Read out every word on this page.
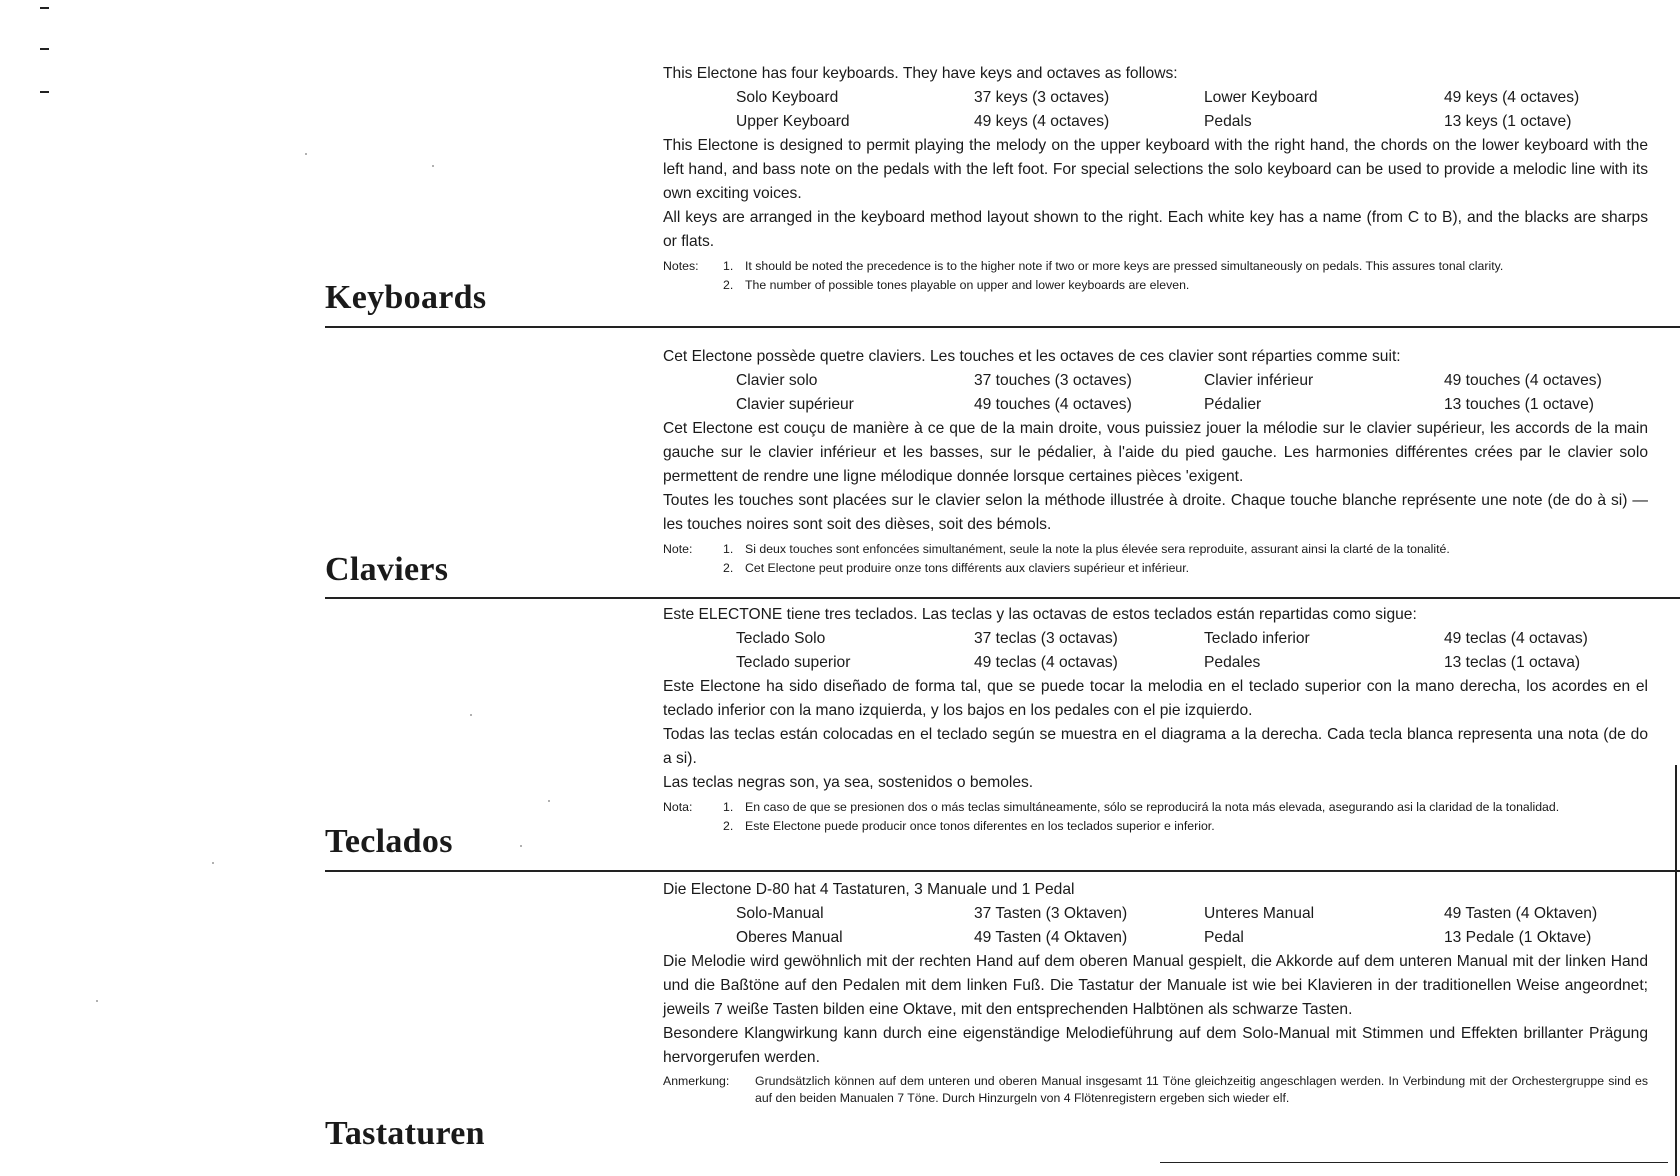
This Electone has four keyboards. They have keys and octaves as follows:

Solo Keyboard	37 keys (3 octaves)	Lower Keyboard	49 keys (4 octaves)
Upper Keyboard	49 keys (4 octaves)	Pedals	13 keys (1 octave)

This Electone is designed to permit playing the melody on the upper keyboard with the right hand, the chords on the lower keyboard with the left hand, and bass note on the pedals with the left foot. For special selections the solo keyboard can be used to provide a melodic line with its own exciting voices.

All keys are arranged in the keyboard method layout shown to the right. Each white key has a name (from C to B), and the blacks are sharps or flats.

Notes:	1. It should be noted the precedence is to the higher note if two or more keys are pressed simultaneously on pedals. This assures tonal clarity.
2. The number of possible tones playable on upper and lower keyboards are eleven.
Keyboards

Cet Electone possède quetre claviers. Les touches et les octaves de ces clavier sont réparties comme suit:

Clavier solo	37 touches (3 octaves)	Clavier inférieur	49 touches (4 octaves)
Clavier supérieur	49 touches (4 octaves)	Pédalier	13 touches (1 octave)

Cet Electone est couçu de manière à ce que de la main droite, vous puissiez jouer la mélodie sur le clavier supérieur, les accords de la main gauche sur le clavier inférieur et les basses, sur le pédalier, à l'aide du pied gauche. Les harmonies différentes crées par le clavier solo permettent de rendre une ligne mélodique donnée lorsque certaines pièces 'exigent.

Toutes les touches sont placées sur le clavier selon la méthode illustrée à droite. Chaque touche blanche représente une note (de do à si) — les touches noires sont soit des dièses, soit des bémols.

Note:	1. Si deux touches sont enfoncées simultanément, seule la note la plus élevée sera reproduite, assurant ainsi la clarté de la tonalité.
2. Cet Electone peut produire onze tons différents aux claviers supérieur et inférieur.
Claviers

Este ELECTONE tiene tres teclados. Las teclas y las octavas de estos teclados están repartidas como sigue:

Teclado Solo	37 teclas (3 octavas)	Teclado inferior	49 teclas (4 octavas)
Teclado superior	49 teclas (4 octavas)	Pedales	13 teclas (1 octava)

Este Electone ha sido diseñado de forma tal, que se puede tocar la melodia en el teclado superior con la mano derecha, los acordes en el teclado inferior con la mano izquierda, y los bajos en los pedales con el pie izquierdo.

Todas las teclas están colocadas en el teclado según se muestra en el diagrama a la derecha. Cada tecla blanca representa una nota (de do a si).

Las teclas negras son, ya sea, sostenidos o bemoles.

Nota:	1. En caso de que se presionen dos o más teclas simultáneamente, sólo se reproducirá la nota más elevada, asegurando asi la claridad de la tonalidad.
2. Este Electone puede producir once tonos diferentes en los teclados superior e inferior.
Teclados

Die Electone D-80 hat 4 Tastaturen, 3 Manuale und 1 Pedal

Solo-Manual	37 Tasten (3 Oktaven)	Unteres Manual	49 Tasten (4 Oktaven)
Oberes Manual	49 Tasten (4 Oktaven)	Pedal	13 Pedale (1 Oktave)

Die Melodie wird gewöhnlich mit der rechten Hand auf dem oberen Manual gespielt, die Akkorde auf dem unteren Manual mit der linken Hand und die Baßtöne auf den Pedalen mit dem linken Fuß. Die Tastatur der Manuale ist wie bei Klavieren in der traditionellen Weise angeordnet; jeweils 7 weiße Tasten bilden eine Oktave, mit den entsprechenden Halbtönen als schwarze Tasten.

Besondere Klangwirkung kann durch eine eigenständige Melodieführung auf dem Solo-Manual mit Stimmen und Effekten brillanter Prägung hervorgerufen werden.

Anmerkung:	Grundsätzlich können auf dem unteren und oberen Manual insgesamt 11 Töne gleichzeitig angeschlagen werden. In Verbindung mit der Orchestergruppe sind es auf den beiden Manualen 7 Töne. Durch Hinzurgeln von 4 Flötenregistern ergeben sich wieder elf.
Tastaturen
